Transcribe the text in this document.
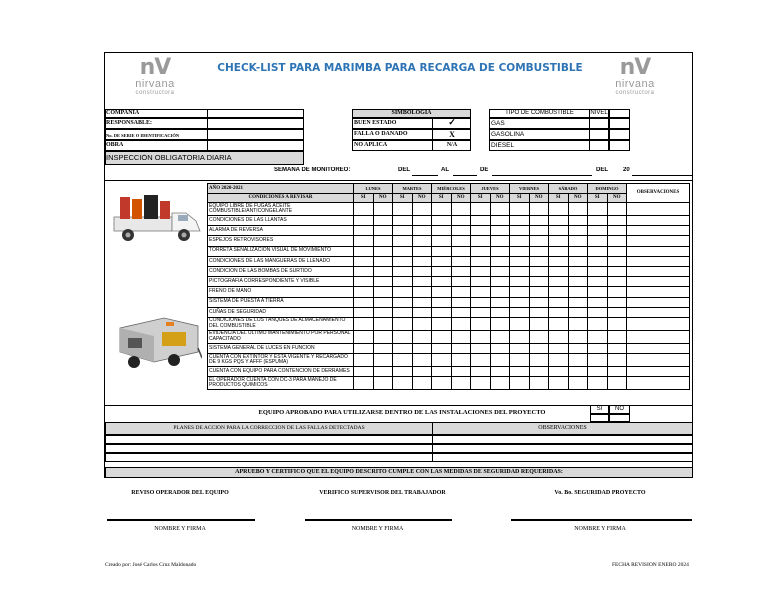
nV
nirvana
constructora
nV
nirvana
constructora
CHECK-LIST PARA MARIMBA PARA RECARGA DE COMBUSTIBLE
COMPAÑIA
RESPONSABLE:
No. DE SERIE O IDENTIFICACIÓN
OBRA
INSPECCIÓN OBLIGATORIA DIARIA
SIMBOLOGIA
BUEN ESTADO	✓
FALLA O DAÑADO	X
NO APLICA	N/A
TIPO DE COMBUSTIBLE	NIVEL
GAS
GASOLINA
DIÉSEL
SEMANA DE MONITOREO:	DEL	AL	DE	DEL	20
AÑO 2020-2021	LUNES		MARTES		MIÉRCOLES		JUEVES		VIERNES		SÁBADO		DOMINGO		OBSERVACIONES
CONDICIONES A REVISAR	SI	NO	SI	NO	SI	NO	SI	NO	SI	NO	SI	NO	SI	NO	
EQUIPO LIBRE DE FUGAS ACEITE COMBUSTIBLE/ANTICONGELANTE															
CONDICIONES DE LAS LLANTAS															
ALARMA DE REVERSA															
ESPEJOS RETROVISORES															
TORRETA SEÑALIZACIÓN VISUAL DE MOVIMIENTO															
CONDICIONES DE LAS MANGUERAS DE LLENADO															
CONDICION DE LAS BOMBAS DE SURTIDO															
PICTOGRAFIA CORRESPONDIENTE Y VISIBLE															
FRENO DE MANO															
SISTEMA DE PUESTA A TIERRA															
CUÑAS DE SEGURIDAD															
CONDICIONES DE LOS TANQUES DE ALMACENAMIENTO DEL COMBUSTIBLE															
EVIDENCIA DEL ULTIMO MANTENIMIENTO POR PERSONAL CAPACITADO															
SISTEMA GENERAL DE LUCES EN FUNCION															
CUENTA CON EXTINTOR Y ESTA VIGENTE Y RECARGADO DE 9 KGS PQS Y AFFF (ESPUMA)															
CUENTA CON EQUIPO PARA CONTENCION DE DERRAMES															
EL OPERADOR CUENTA CON DC-3 PARA MANEJO DE PRODUCTOS QUIMICOS															
EQUIPO APROBADO PARA UTILIZARSE DENTRO DE LAS INSTALACIONES DEL PROYECTO	SI	NO
PLANES DE ACCIÓN PARA LA CORRECCIÓN DE LAS FALLAS DETECTADAS	OBSERVACIONES
APRUEBO Y CERTIFICO QUE EL EQUIPO DESCRITO CUMPLE CON LAS MEDIDAS DE SEGURIDAD REQUERIDAS:
REVISO OPERADOR DEL EQUIPO
NOMBRE Y FIRMA
VERIFICO SUPERVISOR DEL TRABAJADOR
NOMBRE Y FIRMA
Vo. Bo. SEGURIDAD PROYECTO
NOMBRE Y FIRMA
Creado por: José Carlos Cruz Maldonado	FECHA REVISION ENERO 2024
